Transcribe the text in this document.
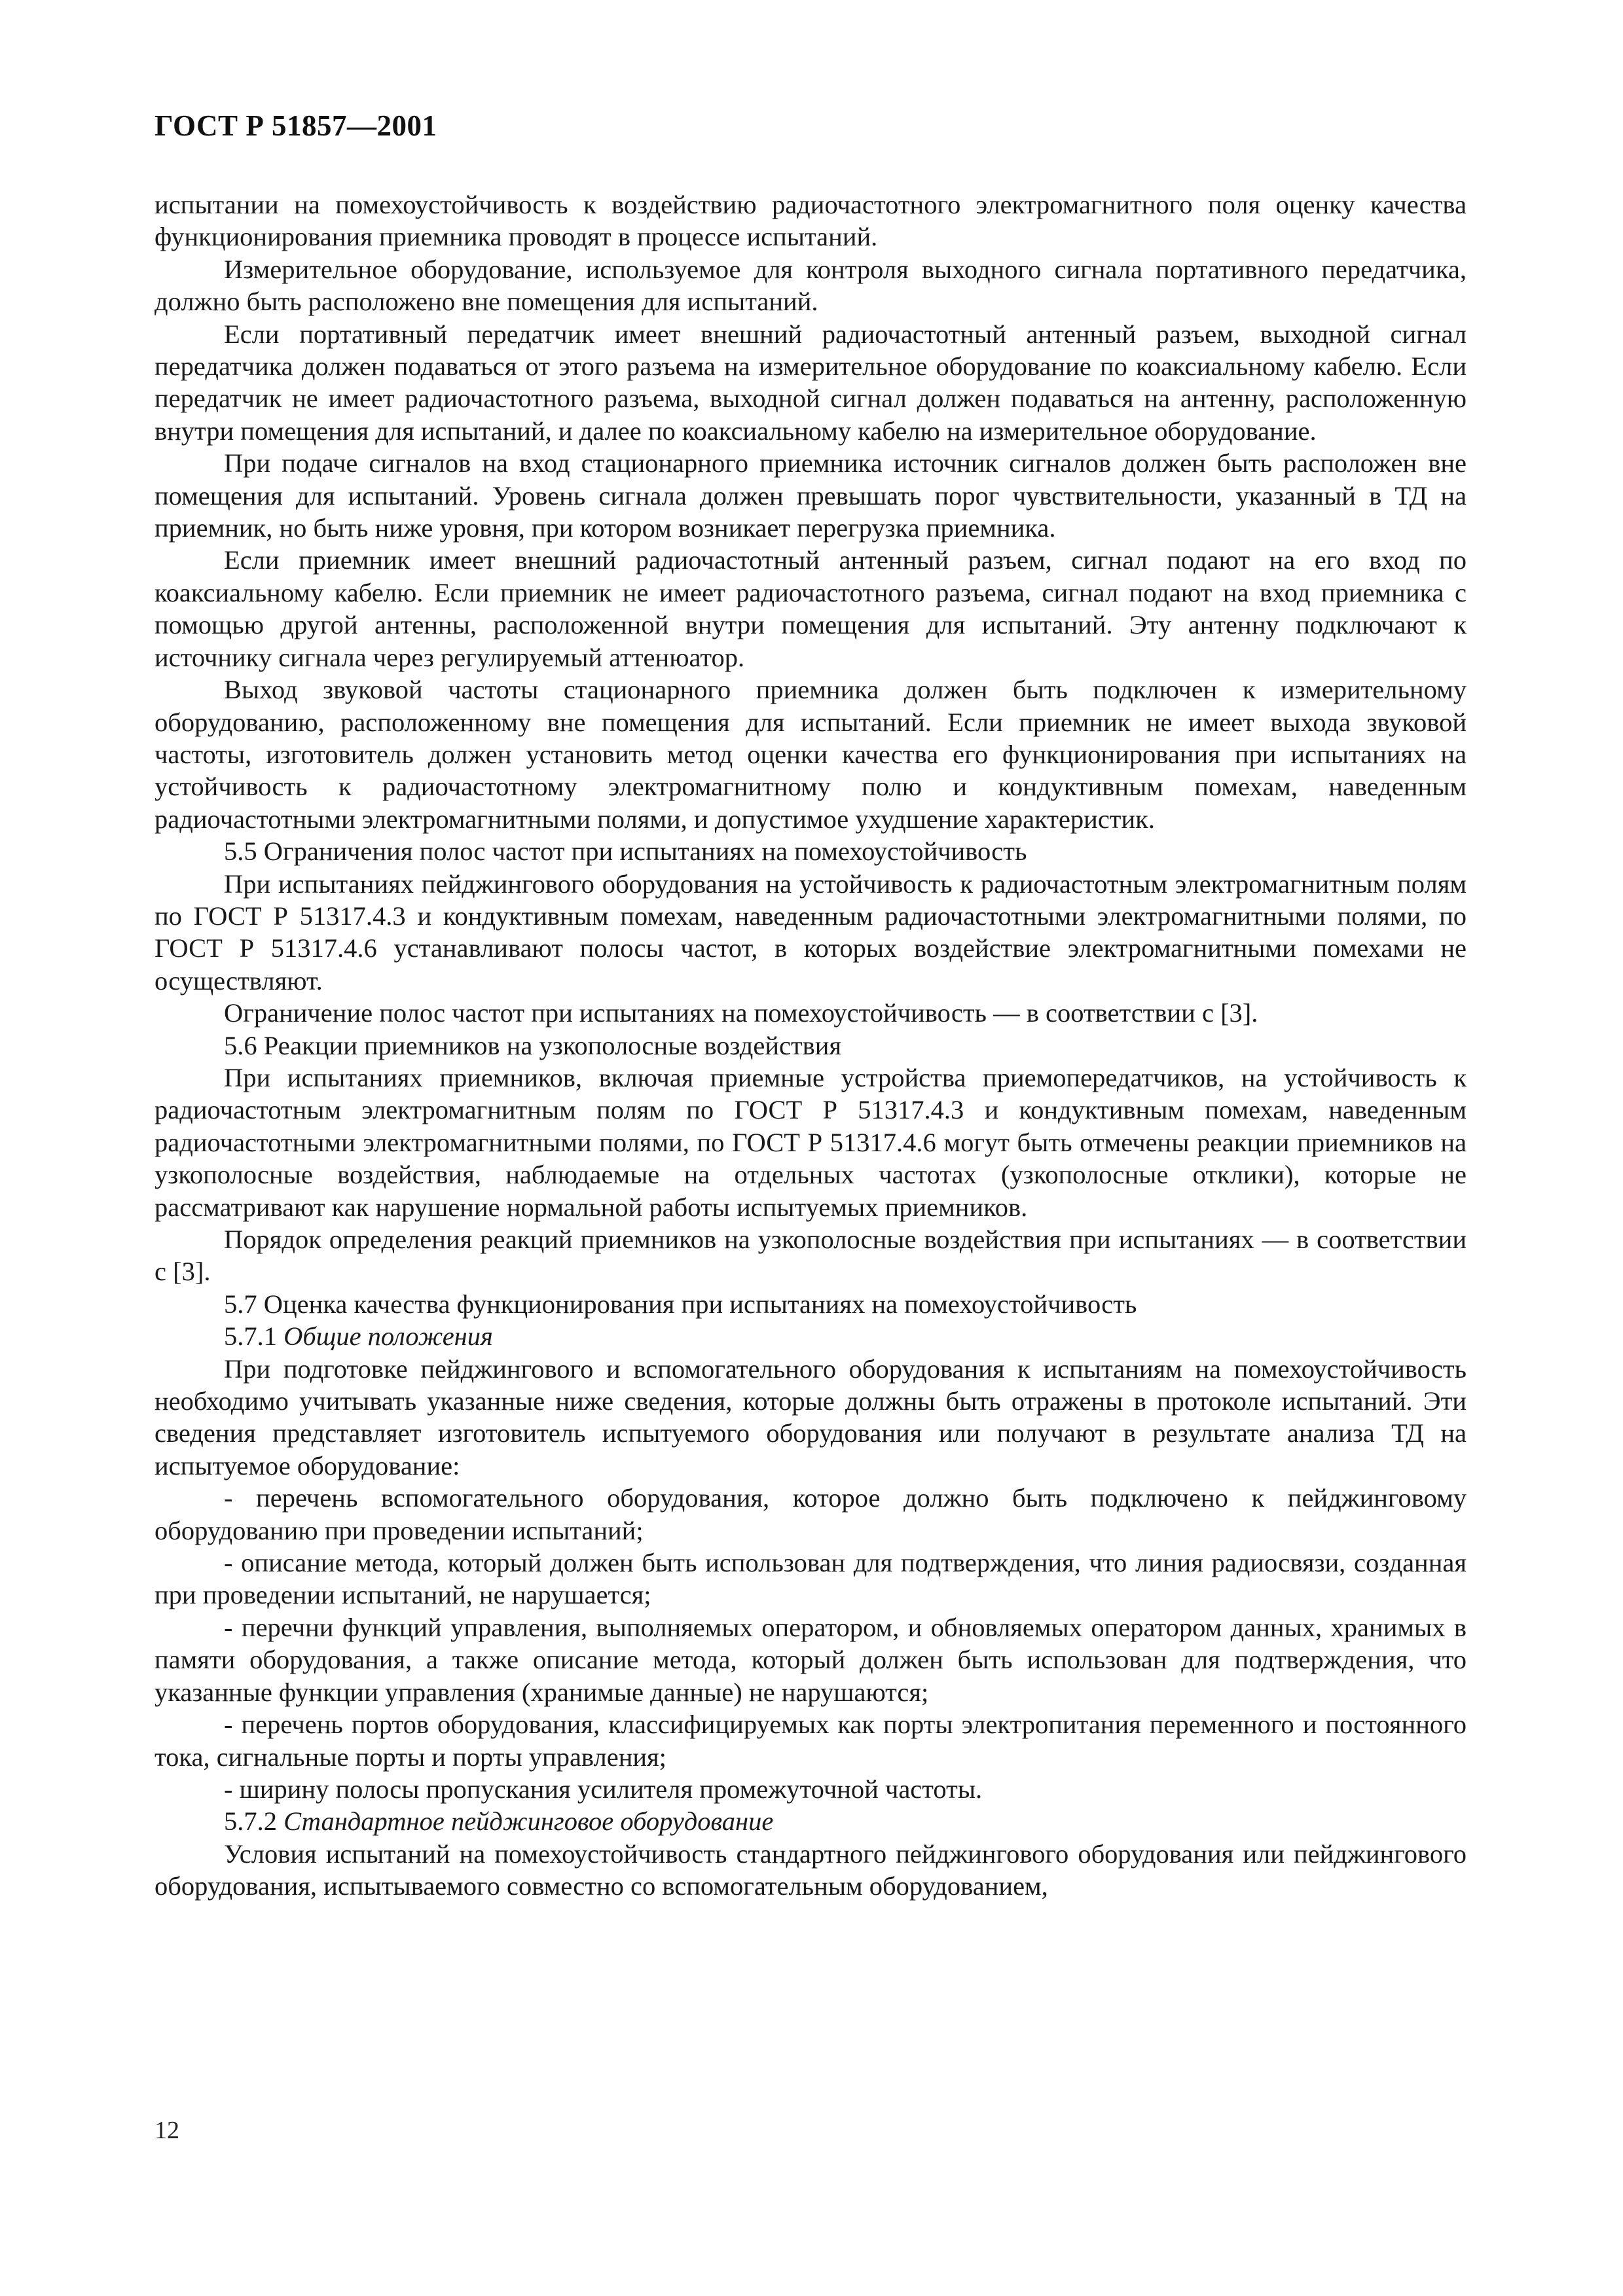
ГОСТ Р 51857—2001

испытании на помехоустойчивость к воздействию радиочастотного электромагнитного поля оценку качества функционирования приемника проводят в процессе испытаний.

Измерительное оборудование, используемое для контроля выходного сигнала портативного передатчика, должно быть расположено вне помещения для испытаний.

Если портативный передатчик имеет внешний радиочастотный антенный разъем, выходной сигнал передатчика должен подаваться от этого разъема на измерительное оборудование по коаксиальному кабелю. Если передатчик не имеет радиочастотного разъема, выходной сигнал должен подаваться на антенну, расположенную внутри помещения для испытаний, и далее по коаксиальному кабелю на измерительное оборудование.

При подаче сигналов на вход стационарного приемника источник сигналов должен быть расположен вне помещения для испытаний. Уровень сигнала должен превышать порог чувствительности, указанный в ТД на приемник, но быть ниже уровня, при котором возникает перегрузка приемника.

Если приемник имеет внешний радиочастотный антенный разъем, сигнал подают на его вход по коаксиальному кабелю. Если приемник не имеет радиочастотного разъема, сигнал подают на вход приемника с помощью другой антенны, расположенной внутри помещения для испытаний. Эту антенну подключают к источнику сигнала через регулируемый аттенюатор.

Выход звуковой частоты стационарного приемника должен быть подключен к измерительному оборудованию, расположенному вне помещения для испытаний. Если приемник не имеет выхода звуковой частоты, изготовитель должен установить метод оценки качества его функционирования при испытаниях на устойчивость к радиочастотному электромагнитному полю и кондуктивным помехам, наведенным радиочастотными электромагнитными полями, и допустимое ухудшение характеристик.

5.5 Ограничения полос частот при испытаниях на помехоустойчивость

При испытаниях пейджингового оборудования на устойчивость к радиочастотным электромагнитным полям по ГОСТ Р 51317.4.3 и кондуктивным помехам, наведенным радиочастотными электромагнитными полями, по ГОСТ Р 51317.4.6 устанавливают полосы частот, в которых воздействие электромагнитными помехами не осуществляют.

Ограничение полос частот при испытаниях на помехоустойчивость — в соответствии с [3].

5.6 Реакции приемников на узкополосные воздействия

При испытаниях приемников, включая приемные устройства приемопередатчиков, на устойчивость к радиочастотным электромагнитным полям по ГОСТ Р 51317.4.3 и кондуктивным помехам, наведенным радиочастотными электромагнитными полями, по ГОСТ Р 51317.4.6 могут быть отмечены реакции приемников на узкополосные воздействия, наблюдаемые на отдельных частотах (узкополосные отклики), которые не рассматривают как нарушение нормальной работы испытуемых приемников.

Порядок определения реакций приемников на узкополосные воздействия при испытаниях — в соответствии с [3].

5.7 Оценка качества функционирования при испытаниях на помехоустойчивость

5.7.1 Общие положения

При подготовке пейджингового и вспомогательного оборудования к испытаниям на помехоустойчивость необходимо учитывать указанные ниже сведения, которые должны быть отражены в протоколе испытаний. Эти сведения представляет изготовитель испытуемого оборудования или получают в результате анализа ТД на испытуемое оборудование:

- перечень вспомогательного оборудования, которое должно быть подключено к пейджинговому оборудованию при проведении испытаний;

- описание метода, который должен быть использован для подтверждения, что линия радиосвязи, созданная при проведении испытаний, не нарушается;

- перечни функций управления, выполняемых оператором, и обновляемых оператором данных, хранимых в памяти оборудования, а также описание метода, который должен быть использован для подтверждения, что указанные функции управления (хранимые данные) не нарушаются;

- перечень портов оборудования, классифицируемых как порты электропитания переменного и постоянного тока, сигнальные порты и порты управления;

- ширину полосы пропускания усилителя промежуточной частоты.

5.7.2 Стандартное пейджинговое оборудование

Условия испытаний на помехоустойчивость стандартного пейджингового оборудования или пейджингового оборудования, испытываемого совместно со вспомогательным оборудованием,

12
